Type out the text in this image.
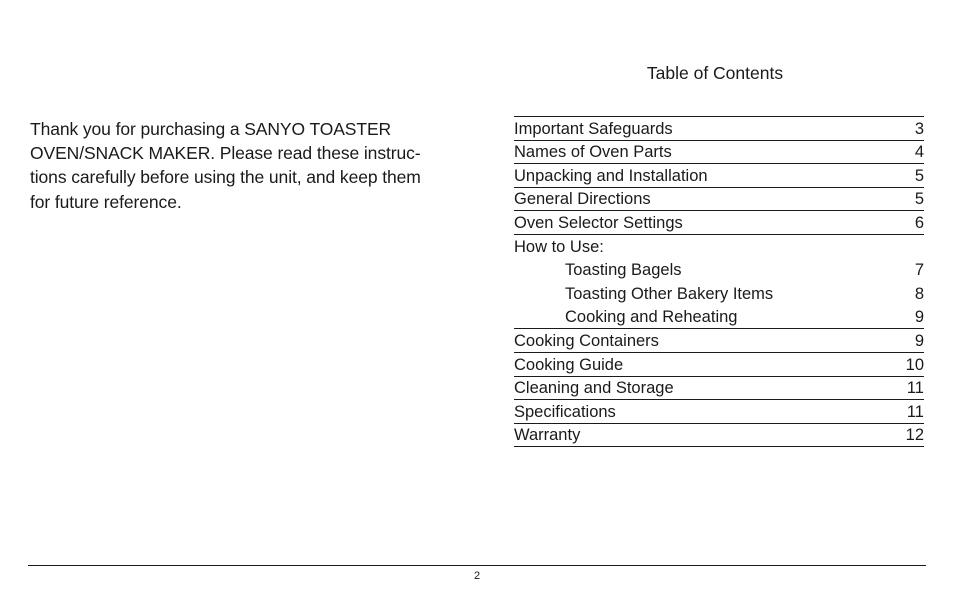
Thank you for purchasing a SANYO TOASTER
OVEN/SNACK MAKER. Please read these instruc-
tions carefully before using the unit, and keep them
for future reference.

Table of Contents
Important Safeguards	3
Names of Oven Parts	4
Unpacking and Installation	5
General Directions	5
Oven Selector Settings	6
How to Use:
Toasting Bagels	7
Toasting Other Bakery Items	8
Cooking and Reheating	9
Cooking Containers	9
Cooking Guide	10
Cleaning and Storage	11
Specifications	11
Warranty	12
2
